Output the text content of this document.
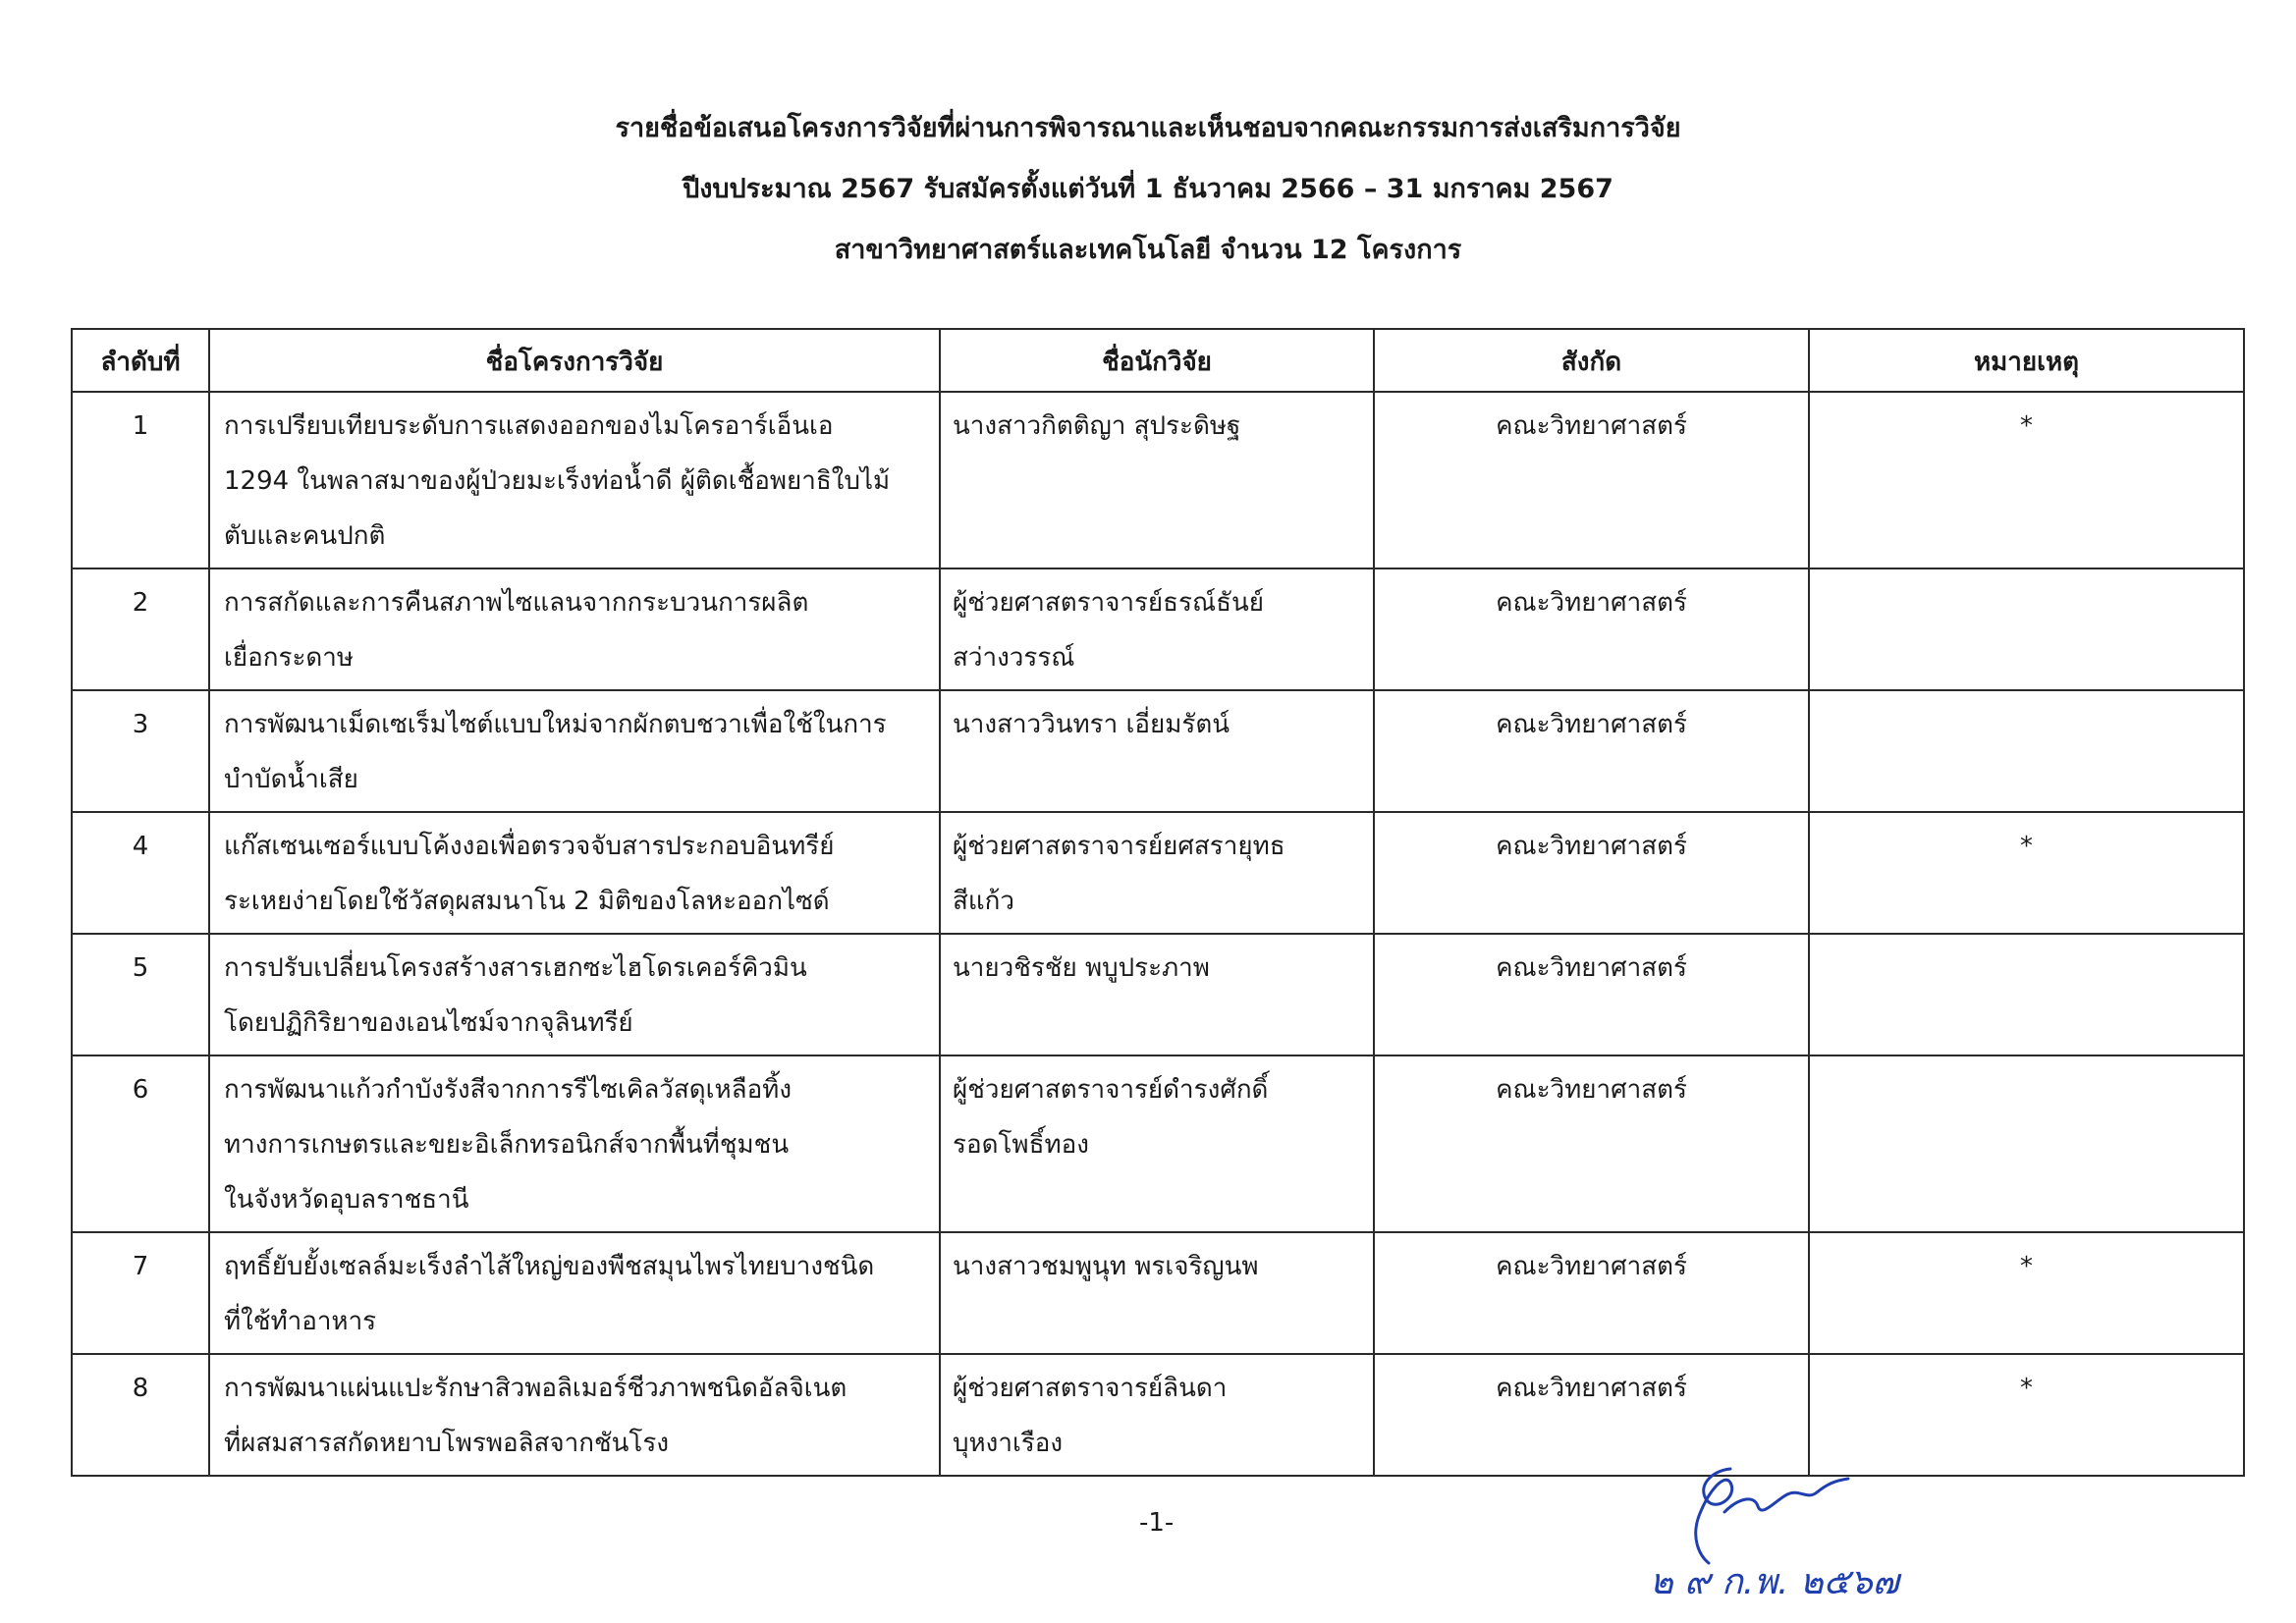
รายชื่อข้อเสนอโครงการวิจัยที่ผ่านการพิจารณาและเห็นชอบจากคณะกรรมการส่งเสริมการวิจัย
ปีงบประมาณ 2567 รับสมัครตั้งแต่วันที่ 1 ธันวาคม 2566 – 31 มกราคม 2567
สาขาวิทยาศาสตร์และเทคโนโลยี จำนวน 12 โครงการ
ลำดับที่	ชื่อโครงการวิจัย	ชื่อนักวิจัย	สังกัด	หมายเหตุ
1	การเปรียบเทียบระดับการแสดงออกของไมโครอาร์เอ็นเอ
1294 ในพลาสมาของผู้ป่วยมะเร็งท่อน้ำดี ผู้ติดเชื้อพยาธิใบไม้
ตับและคนปกติ	นางสาวกิตติญา สุประดิษฐ	คณะวิทยาศาสตร์	*
2	การสกัดและการคืนสภาพไซแลนจากกระบวนการผลิต
เยื่อกระดาษ	ผู้ช่วยศาสตราจารย์ธรณ์ธันย์
สว่างวรรณ์	คณะวิทยาศาสตร์	
3	การพัฒนาเม็ดเซเร็มไซต์แบบใหม่จากผักตบชวาเพื่อใช้ในการ
บำบัดน้ำเสีย	นางสาววินทรา เอี่ยมรัตน์	คณะวิทยาศาสตร์	
4	แก๊สเซนเซอร์แบบโค้งงอเพื่อตรวจจับสารประกอบอินทรีย์
ระเหยง่ายโดยใช้วัสดุผสมนาโน 2 มิติของโลหะออกไซด์	ผู้ช่วยศาสตราจารย์ยศสรายุทธ
สีแก้ว	คณะวิทยาศาสตร์	*
5	การปรับเปลี่ยนโครงสร้างสารเฮกซะไฮโดรเคอร์คิวมิน
โดยปฏิกิริยาของเอนไซม์จากจุลินทรีย์	นายวชิรชัย พบูประภาพ	คณะวิทยาศาสตร์	
6	การพัฒนาแก้วกำบังรังสีจากการรีไซเคิลวัสดุเหลือทิ้ง
ทางการเกษตรและขยะอิเล็กทรอนิกส์จากพื้นที่ชุมชน
ในจังหวัดอุบลราชธานี	ผู้ช่วยศาสตราจารย์ดำรงศักดิ์
รอดโพธิ์ทอง	คณะวิทยาศาสตร์	
7	ฤทธิ์ยับยั้งเซลล์มะเร็งลำไส้ใหญ่ของพืชสมุนไพรไทยบางชนิด
ที่ใช้ทำอาหาร	นางสาวชมพูนุท พรเจริญนพ	คณะวิทยาศาสตร์	*
8	การพัฒนาแผ่นแปะรักษาสิวพอลิเมอร์ชีวภาพชนิดอัลจิเนต
ที่ผสมสารสกัดหยาบโพรพอลิสจากชันโรง	ผู้ช่วยศาสตราจารย์ลินดา
บุหงาเรือง	คณะวิทยาศาสตร์	*
-1-
๒ ๙ ก.พ. ๒๕๖๗
